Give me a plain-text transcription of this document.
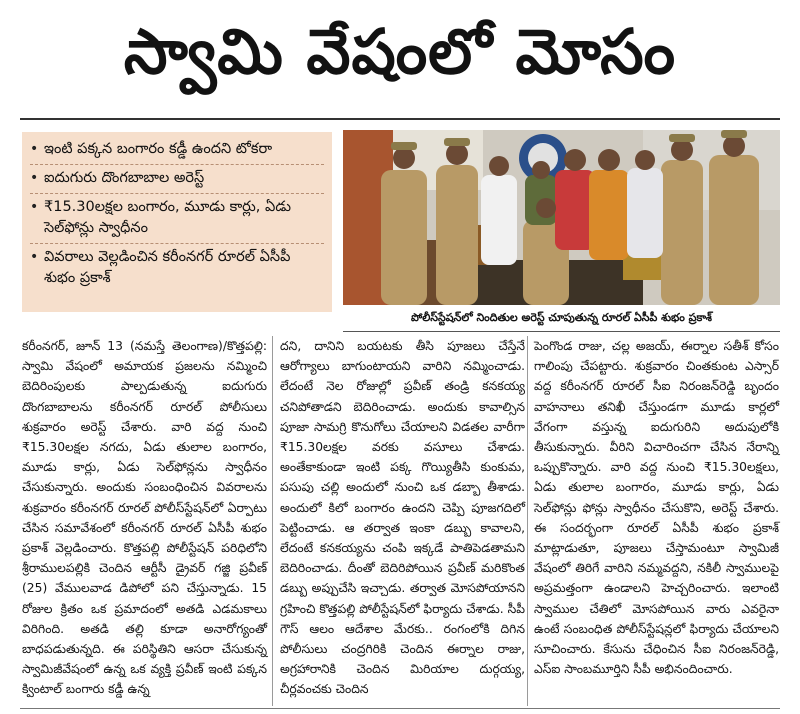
స్వామి వేషంలో మోసం
• ఇంటి పక్కన బంగారం కడ్డీ ఉందని టోకరా
• ఐదుగురు దొంగబాబాల అరెస్ట్
• ₹15.30లక్షల బంగారం, మూడు కార్లు, ఏడు సెల్‌ఫోన్లు స్వాధీనం
• వివరాలు వెల్లడించిన కరీంనగర్ రూరల్ ఏసీపీ శుభం ప్రకాశ్
పోలీస్‌స్టేషన్‌లో నిందితుల అరెస్ట్ చూపుతున్న రూరల్ ఏసీపీ శుభం ప్రకాశ్

కరీంనగర్, జూన్ 13 (నమస్తే తెలంగాణ)/కొత్తపల్లి: స్వామి వేషంలో అమాయక ప్రజలను నమ్మించి బెదిరింపులకు పాల్పడుతున్న ఐదుగురు దొంగబాబాలను కరీంనగర్ రూరల్ పోలీసులు శుక్రవారం అరెస్ట్ చేశారు. వారి వద్ద నుంచి ₹15.30లక్షల నగదు, ఏడు తులాల బంగారం, మూడు కార్లు, ఏడు సెల్‌ఫోన్లను స్వాధీనం చేసుకున్నారు. అందుకు సంబంధించిన వివరాలను శుక్రవారం కరీంనగర్ రూరల్ పోలీస్‌స్టేషన్‌లో ఏర్పాటు చేసిన సమావేశంలో కరీంనగర్ రూరల్ ఏసీపీ శుభం ప్రకాశ్ వెల్లడించారు. కొత్తపల్లి పోలీస్టేషన్ పరిధిలోని శ్రీరాములపల్లికి చెందిన ఆర్టీసీ డ్రైవర్ గజ్జి ప్రవీణ్ (25) వేములవాడ డిపోలో పని చేస్తున్నాడు. 15 రోజుల క్రితం ఒక ప్రమాదంలో అతడి ఎడమకాలు విరిగింది. అతడి తల్లి కూడా అనారోగ్యంతో బాధపడుతున్నది. ఈ పరిస్థితిని ఆసరా చేసుకున్న స్వామిజీవేషంలో ఉన్న ఒక వ్యక్తి ప్రవీణ్ ఇంటి పక్కన క్వింటాల్ బంగారు కడ్డీ ఉన్న

దని, దానిని బయటకు తీసి పూజలు చేస్తేనే ఆరోగ్యాలు బాగుంటాయని వారిని నమ్మించాడు. లేదంటే నెల రోజుల్లో ప్రవీణ్ తండ్రి కనకయ్య చనిపోతాడని బెదిరించాడు. అందుకు కావాల్సిన పూజా సామగ్రి కొనుగోలు చేయాలని విడతల వారీగా ₹15.30లక్షల వరకు వసూలు చేశాడు. అంతేకాకుండా ఇంటి పక్క గొయ్యితీసి కుంకుమ, పసుపు చల్లి అందులో నుంచి ఒక డబ్బా తీశాడు. అందులో కిలో బంగారం ఉందని చెప్పి పూజగదిలో పెట్టించాడు. ఆ తర్వాత ఇంకా డబ్బు కావాలని, లేదంటే కనకయ్యను చంపి ఇక్కడే పాతిపెడతామని బెదిరించాడు. దీంతో బెదిరిపోయిన ప్రవీణ్ మరికొంత డబ్బు అప్పుచేసి ఇచ్చాడు. తర్వాత మోసపోయానని గ్రహించి కొత్తపల్లి పోలీస్టేషన్‌లో ఫిర్యాదు చేశాడు. సీపీ గౌస్ ఆలం ఆదేశాల మేరకు.. రంగంలోకి దిగిన పోలీసులు చంద్రగిరికి చెందిన ఈర్నాల రాజు, అగ్రహారానికి చెందిన మిరియాల దుర్గయ్య, చీర్లవంచకు చెందిన

పెంగొండ రాజు, చల్ల అజయ్, ఈర్నాల సతీశ్ కోసం గాలింపు చేపట్టారు. శుక్రవారం చింతకుంట ఎస్సార్ వద్ద కరీంనగర్ రూరల్ సీఐ నిరంజన్‌రెడ్డి బృందం వాహనాలు తనిఖీ చేస్తుండగా మూడు కార్లలో వేగంగా వస్తున్న ఐదుగురిని అదుపులోకి తీసుకున్నారు. వీరిని విచారించగా చేసిన నేరాన్ని ఒప్పుకొన్నారు. వారి వద్ద నుంచి ₹15.30లక్షలు, ఏడు తులాల బంగారం, మూడు కార్లు, ఏడు సెల్‌ఫోన్లు ఫోన్లు స్వాధీనం చేసుకొని, అరెస్ట్ చేశారు. ఈ సందర్భంగా రూరల్ ఏసీపీ శుభం ప్రకాశ్ మాట్లాడుతూ, పూజలు చేస్తామంటూ స్వామిజీ వేషంలో తిరిగే వారిని నమ్మవద్దని, నకిలీ స్వాములపై అప్రమత్తంగా ఉండాలని హెచ్చరించారు. ఇలాంటి స్వాముల చేతిలో మోసపోయిన వారు ఎవరైనా ఉంటే సంబంధిత పోలీస్‌స్టేషన్లలో ఫిర్యాదు చేయాలని సూచించారు. కేసును చేధించిన సీఐ నిరంజన్‌రెడ్డి, ఎస్ఐ సాంబమూర్తిని సీపీ అభినందించారు.
